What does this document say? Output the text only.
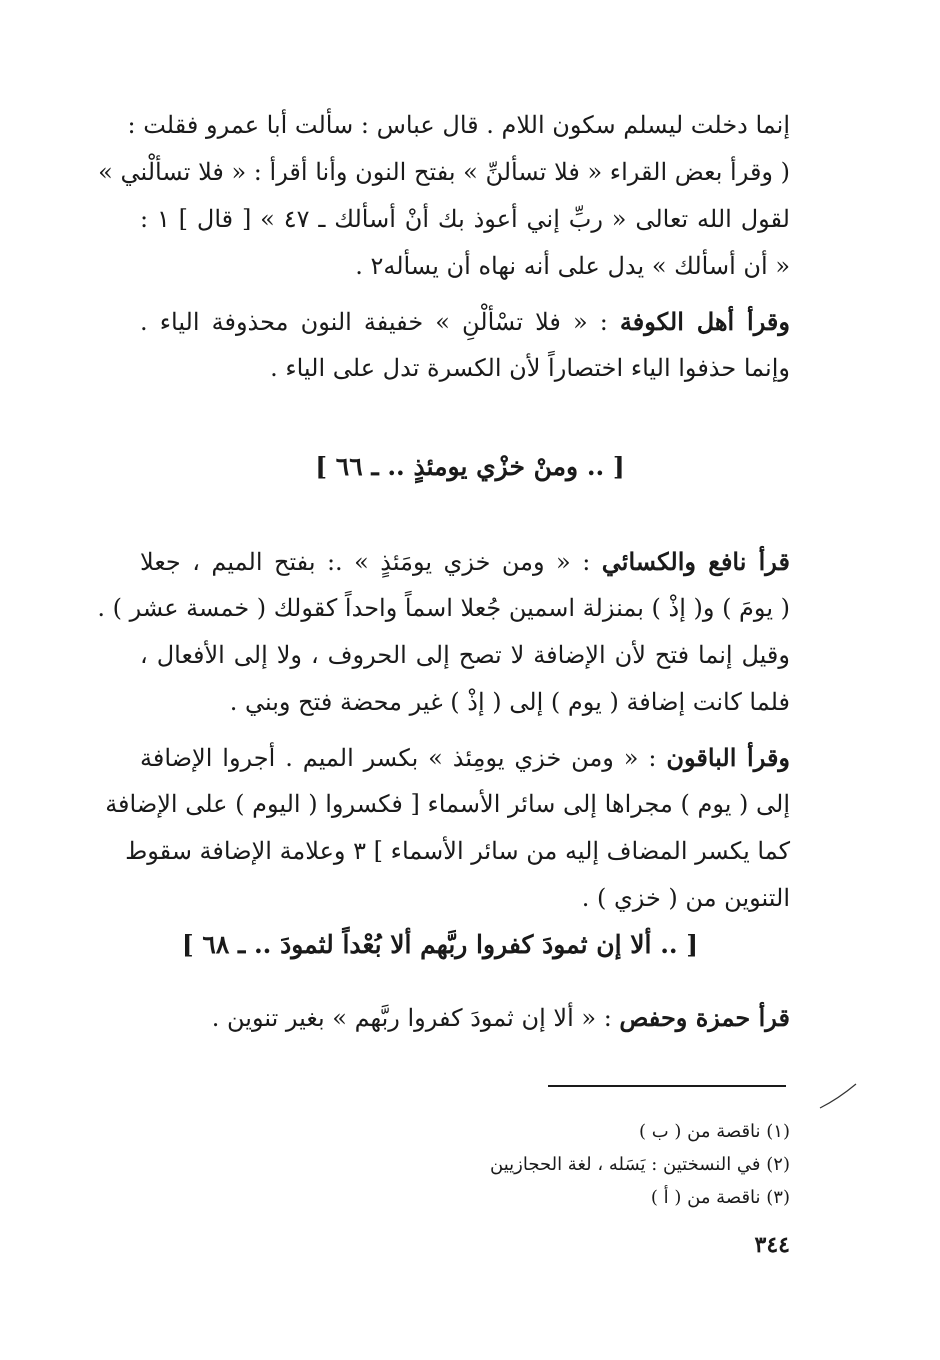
إنما دخلت ليسلم سكون اللام . قال عباس : سألت أبا عمرو فقلت :
( وقرأ بعض القراء « فلا تسألنِّ » بفتح النون وأنا أقرأ : « فلا تسألْني »
لقول الله تعالى « ربِّ إني أعوذ بك أنْ أسألك ـ ٤٧ » [ قال ] ١ :
« أن أسألك » يدل على أنه نهاه أن يسأله٢ .
وقرأ أهل الكوفة : « فلا تسْألْنِ » خفيفة النون محذوفة الياء .
وإنما حذفوا الياء اختصاراً لأن الكسرة تدل على الياء .
[ .. ومنْ خزْي يومئذٍ .. ـ ٦٦ ]
قرأ نافع والكسائي : « ومن خزي يومَئذٍ » .: بفتح الميم ، جعلا
( يومَ ) و( إذْ ) بمنزلة اسمين جُعلا اسماً واحداً كقولك ( خمسة عشر ) .
وقيل إنما فتح لأن الإضافة لا تصح إلى الحروف ، ولا إلى الأفعال ،
فلما كانت إضافة ( يوم ) إلى ( إذْ ) غير محضة فتح وبني .
وقرأ الباقون : « ومن خزي يومِئذ » بكسر الميم . أجروا الإضافة
إلى ( يوم ) مجراها إلى سائر الأسماء [ فكسروا ( اليوم ) على الإضافة
كما يكسر المضاف إليه من سائر الأسماء ] ٣ وعلامة الإضافة سقوط
التنوين من ( خزي ) .
[ .. ألا إن ثمودَ كفروا ربَّهم ألا بُعْداً لثمودَ .. ـ ٦٨ ]
قرأ حمزة وحفص : « ألا إن ثمودَ كفروا ربَّهم » بغير تنوين .
(١) ناقصة من ( ب )
(٢) في النسختين : يَسَله ، لغة الحجازيين
(٣) ناقصة من ( أ )
٣٤٤
